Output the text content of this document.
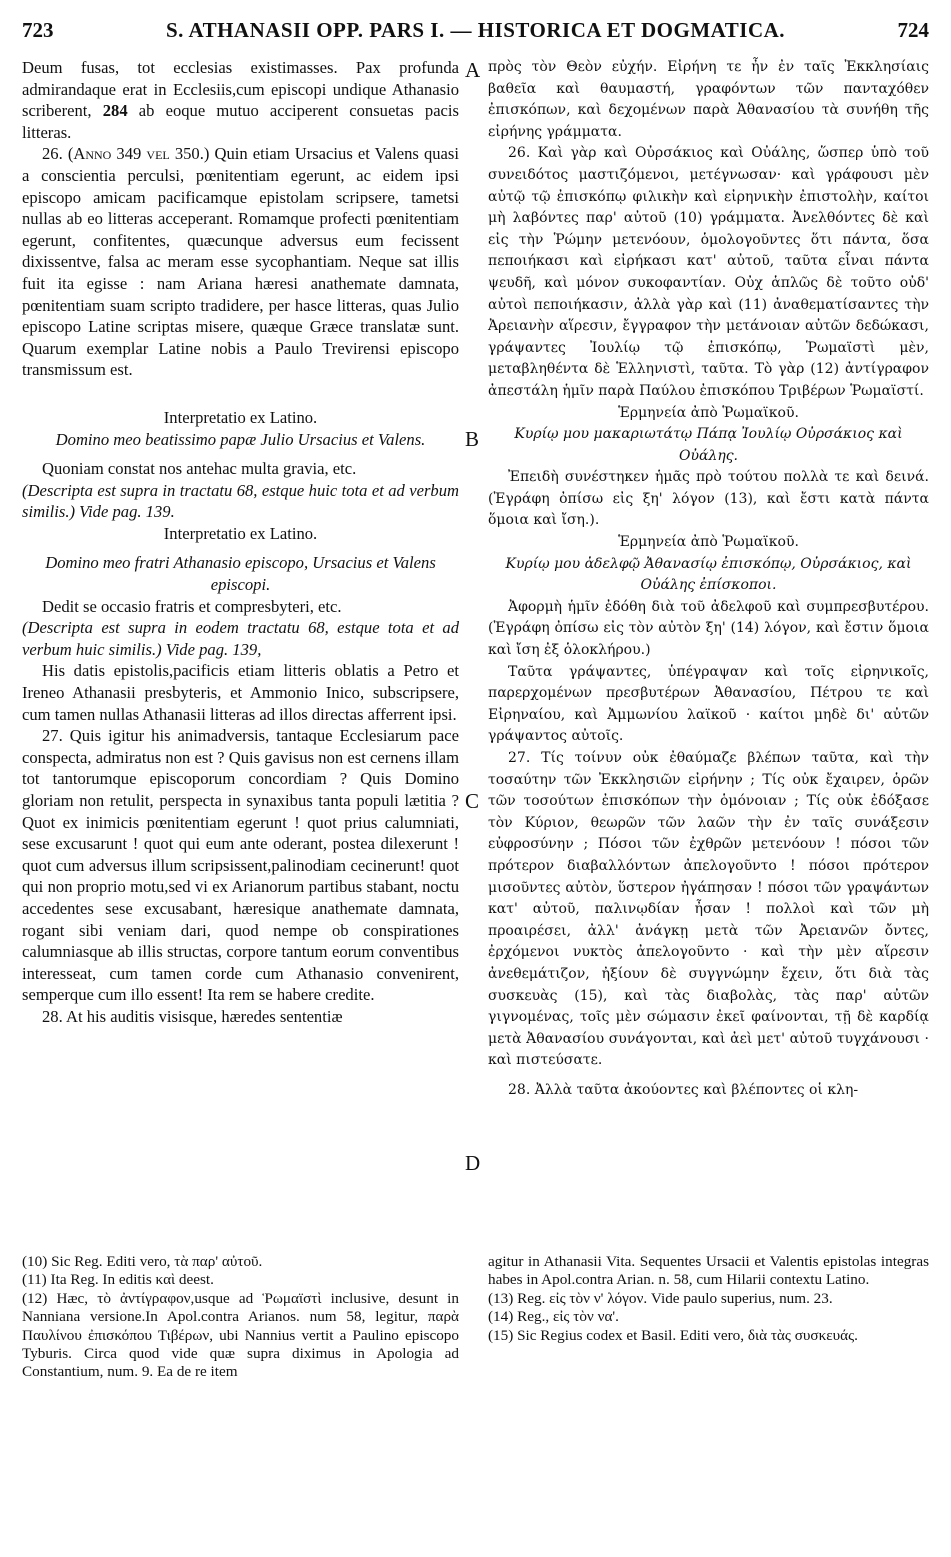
723	S. ATHANASII OPP. PARS I. — HISTORICA ET DOGMATICA.	724
A
B
C
D

Deum fusas, tot ecclesias existimasses. Pax profunda admirandaque erat in Ecclesiis,cum episcopi undique Athanasio scriberent, 284 ab eoque mutuo acciperent consuetas pacis litteras.

26. (Anno 349 vel 350.) Quin etiam Ursacius et Valens quasi a conscientia perculsi, pœnitentiam egerunt, ac eidem ipsi episcopo amicam pacificamque epistolam scripsere, tametsi nullas ab eo litteras acceperant. Romamque profecti pœnitentiam egerunt, confitentes, quæcunque adversus eum fecissent dixissentve, falsa ac meram esse sycophantiam. Neque sat illis fuit ita egisse : nam Ariana hæresi anathemate damnata, pœnitentiam suam scripto tradidere, per hasce litteras, quas Julio episcopo Latine scriptas misere, quæque Græce translatæ sunt. Quarum exemplar Latine nobis a Paulo Trevirensi episcopo transmissum est.

Interpretatio ex Latino.

Domino meo beatissimo papæ Julio Ursacius et Valens.

Quoniam constat nos antehac multa gravia, etc.

(Descripta est supra in tractatu 68, estque huic tota et ad verbum similis.) Vide pag. 139.

Interpretatio ex Latino.

Domino meo fratri Athanasio episcopo, Ursacius et Valens episcopi.

Dedit se occasio fratris et compresbyteri, etc.

(Descripta est supra in eodem tractatu 68, estque tota et ad verbum huic similis.) Vide pag. 139,

His datis epistolis,pacificis etiam litteris oblatis a Petro et Ireneo Athanasii presbyteris, et Ammonio Inico, subscripsere, cum tamen nullas Athanasii litteras ad illos directas afferrent ipsi.

27. Quis igitur his animadversis, tantaque Ecclesiarum pace conspecta, admiratus non est ? Quis gavisus non est cernens illam tot tantorumque episcoporum concordiam ? Quis Domino gloriam non retulit, perspecta in synaxibus tanta populi lætitia ? Quot ex inimicis pœnitentiam egerunt ! quot prius calumniati, sese excusarunt ! quot qui eum ante oderant, postea dilexerunt ! quot cum adversus illum scripsissent,palinodiam cecinerunt! quot qui non proprio motu,sed vi ex Arianorum partibus stabant, noctu accedentes sese excusabant, hæresique anathemate damnata, rogant sibi veniam dari, quod nempe ob conspirationes calumniasque ab illis structas, corpore tantum eorum conventibus interesseat, cum tamen corde cum Athanasio convenirent, semperque cum illo essent! Ita rem se habere credite.

28. At his auditis visisque, hæredes sententiæ

πρὸς τὸν Θεὸν εὐχήν. Εἰρήνη τε ἦν ἐν ταῖς Ἐκκλησίαις βαθεῖα καὶ θαυμαστή, γραφόντων τῶν πανταχόθεν ἐπισκόπων, καὶ δεχομένων παρὰ Ἀθανασίου τὰ συνήθη τῆς εἰρήνης γράμματα.

26. Καὶ γὰρ καὶ Οὐρσάκιος καὶ Οὐάλης, ὥσπερ ὑπὸ τοῦ συνειδότος μαστιζόμενοι, μετέγνωσαν· καὶ γράφουσι μὲν αὐτῷ τῷ ἐπισκόπῳ φιλικὴν καὶ εἰρηνικὴν ἐπιστολὴν, καίτοι μὴ λαβόντες παρ' αὐτοῦ (10) γράμματα. Ἀνελθόντες δὲ καὶ εἰς τὴν Ῥώμην μετενόουν, ὁμολογοῦντες ὅτι πάντα, ὅσα πεποιήκασι καὶ εἰρήκασι κατ' αὐτοῦ, ταῦτα εἶναι πάντα ψευδῆ, καὶ μόνον συκοφαντίαν. Οὐχ ἁπλῶς δὲ τοῦτο οὐδ' αὐτοὶ πεποιήκασιν, ἀλλὰ γὰρ καὶ (11) ἀναθεματίσαντες τὴν Ἀρειανὴν αἵρεσιν, ἔγγραφον τὴν μετάνοιαν αὐτῶν δεδώκασι, γράψαντες Ἰουλίῳ τῷ ἐπισκόπῳ, Ῥωμαϊστὶ μὲν, μεταβληθέντα δὲ Ἑλληνιστὶ, ταῦτα. Τὸ γὰρ (12) ἀντίγραφον ἀπεστάλη ἡμῖν παρὰ Παύλου ἐπισκόπου Τριβέρων Ῥωμαϊστί.

Ἑρμηνεία ἀπὸ Ῥωμαϊκοῦ.

Κυρίῳ μου μακαριωτάτῳ Πάπᾳ Ἰουλίῳ Οὐρσάκιος καὶ Οὐάλης.

Ἐπειδὴ συνέστηκεν ἡμᾶς πρὸ τούτου πολλὰ τε καὶ δεινά. (Ἐγράφη ὀπίσω εἰς ξη' λόγον (13), καὶ ἔστι κατὰ πάντα ὅμοια καὶ ἴση.).

Ἑρμηνεία ἀπὸ Ῥωμαϊκοῦ.

Κυρίῳ μου ἀδελφῷ Ἀθανασίῳ ἐπισκόπῳ, Οὐρσάκιος, καὶ Οὐάλης ἐπίσκοποι.

Ἀφορμὴ ἡμῖν ἐδόθη διὰ τοῦ ἀδελφοῦ καὶ συμπρεσβυτέρου. (Ἐγράφη ὀπίσω εἰς τὸν αὐτὸν ξη' (14) λόγον, καὶ ἔστιν ὅμοια καὶ ἴση ἐξ ὁλοκλήρου.)

Ταῦτα γράψαντες, ὑπέγραψαν καὶ τοῖς εἰρηνικοῖς, παρερχομένων πρεσβυτέρων Ἀθανασίου, Πέτρου τε καὶ Εἰρηναίου, καὶ Ἀμμωνίου λαϊκοῦ · καίτοι μηδὲ δι' αὐτῶν γράψαντος αὐτοῖς.

27. Τίς τοίνυν οὐκ ἐθαύμαζε βλέπων ταῦτα, καὶ τὴν τοσαύτην τῶν Ἐκκλησιῶν εἰρήνην ; Τίς οὐκ ἔχαιρεν, ὁρῶν τῶν τοσούτων ἐπισκόπων τὴν ὁμόνοιαν ; Τίς οὐκ ἐδόξασε τὸν Κύριον, θεωρῶν τῶν λαῶν τὴν ἐν ταῖς συνάξεσιν εὐφροσύνην ; Πόσοι τῶν ἐχθρῶν μετενόουν ! πόσοι τῶν πρότερον διαβαλλόντων ἀπελογοῦντο ! πόσοι πρότερον μισοῦντες αὐτὸν, ὕστερον ἠγάπησαν ! πόσοι τῶν γραψάντων κατ' αὐτοῦ, παλινῳδίαν ἦσαν ! πολλοὶ καὶ τῶν μὴ προαιρέσει, ἀλλ' ἀνάγκῃ μετὰ τῶν Ἀρειανῶν ὄντες, ἐρχόμενοι νυκτὸς ἀπελογοῦντο · καὶ τὴν μὲν αἵρεσιν ἀνεθεμάτιζον, ἠξίουν δὲ συγγνώμην ἔχειν, ὅτι διὰ τὰς συσκευὰς (15), καὶ τὰς διαβολὰς, τὰς παρ' αὐτῶν γιγνομένας, τοῖς μὲν σώμασιν ἐκεῖ φαίνονται, τῇ δὲ καρδίᾳ μετὰ Ἀθανασίου συνάγονται, καὶ ἀεὶ μετ' αὐτοῦ τυγχάνουσι · καὶ πιστεύσατε.

28. Ἀλλὰ ταῦτα ἀκούοντες καὶ βλέποντες οἱ κλη-

(10) Sic Reg. Editi vero, τὰ παρ' αὐτοῦ.

(11) Ita Reg. In editis καὶ deest.

(12) Hæc, τὸ ἀντίγραφον,usque ad Ῥωμαϊστὶ inclusive, desunt in Nanniana versione.In Apol.contra Arianos. num 58, legitur, παρὰ Παυλίνου ἐπισκόπου Τιβέρων, ubi Nannius vertit a Paulino episcopo Tyburis. Circa quod vide quæ supra diximus in Apologia ad Constantium, num. 9. Ea de re item

agitur in Athanasii Vita. Sequentes Ursacii et Valentis epistolas integras habes in Apol.contra Arian. n. 58, cum Hilarii contextu Latino.

(13) Reg. εἰς τὸν ν' λόγον. Vide paulo superius, num. 23.

(14) Reg., εἰς τὸν να'.

(15) Sic Regius codex et Basil. Editi vero, διὰ τὰς συσκευάς.
